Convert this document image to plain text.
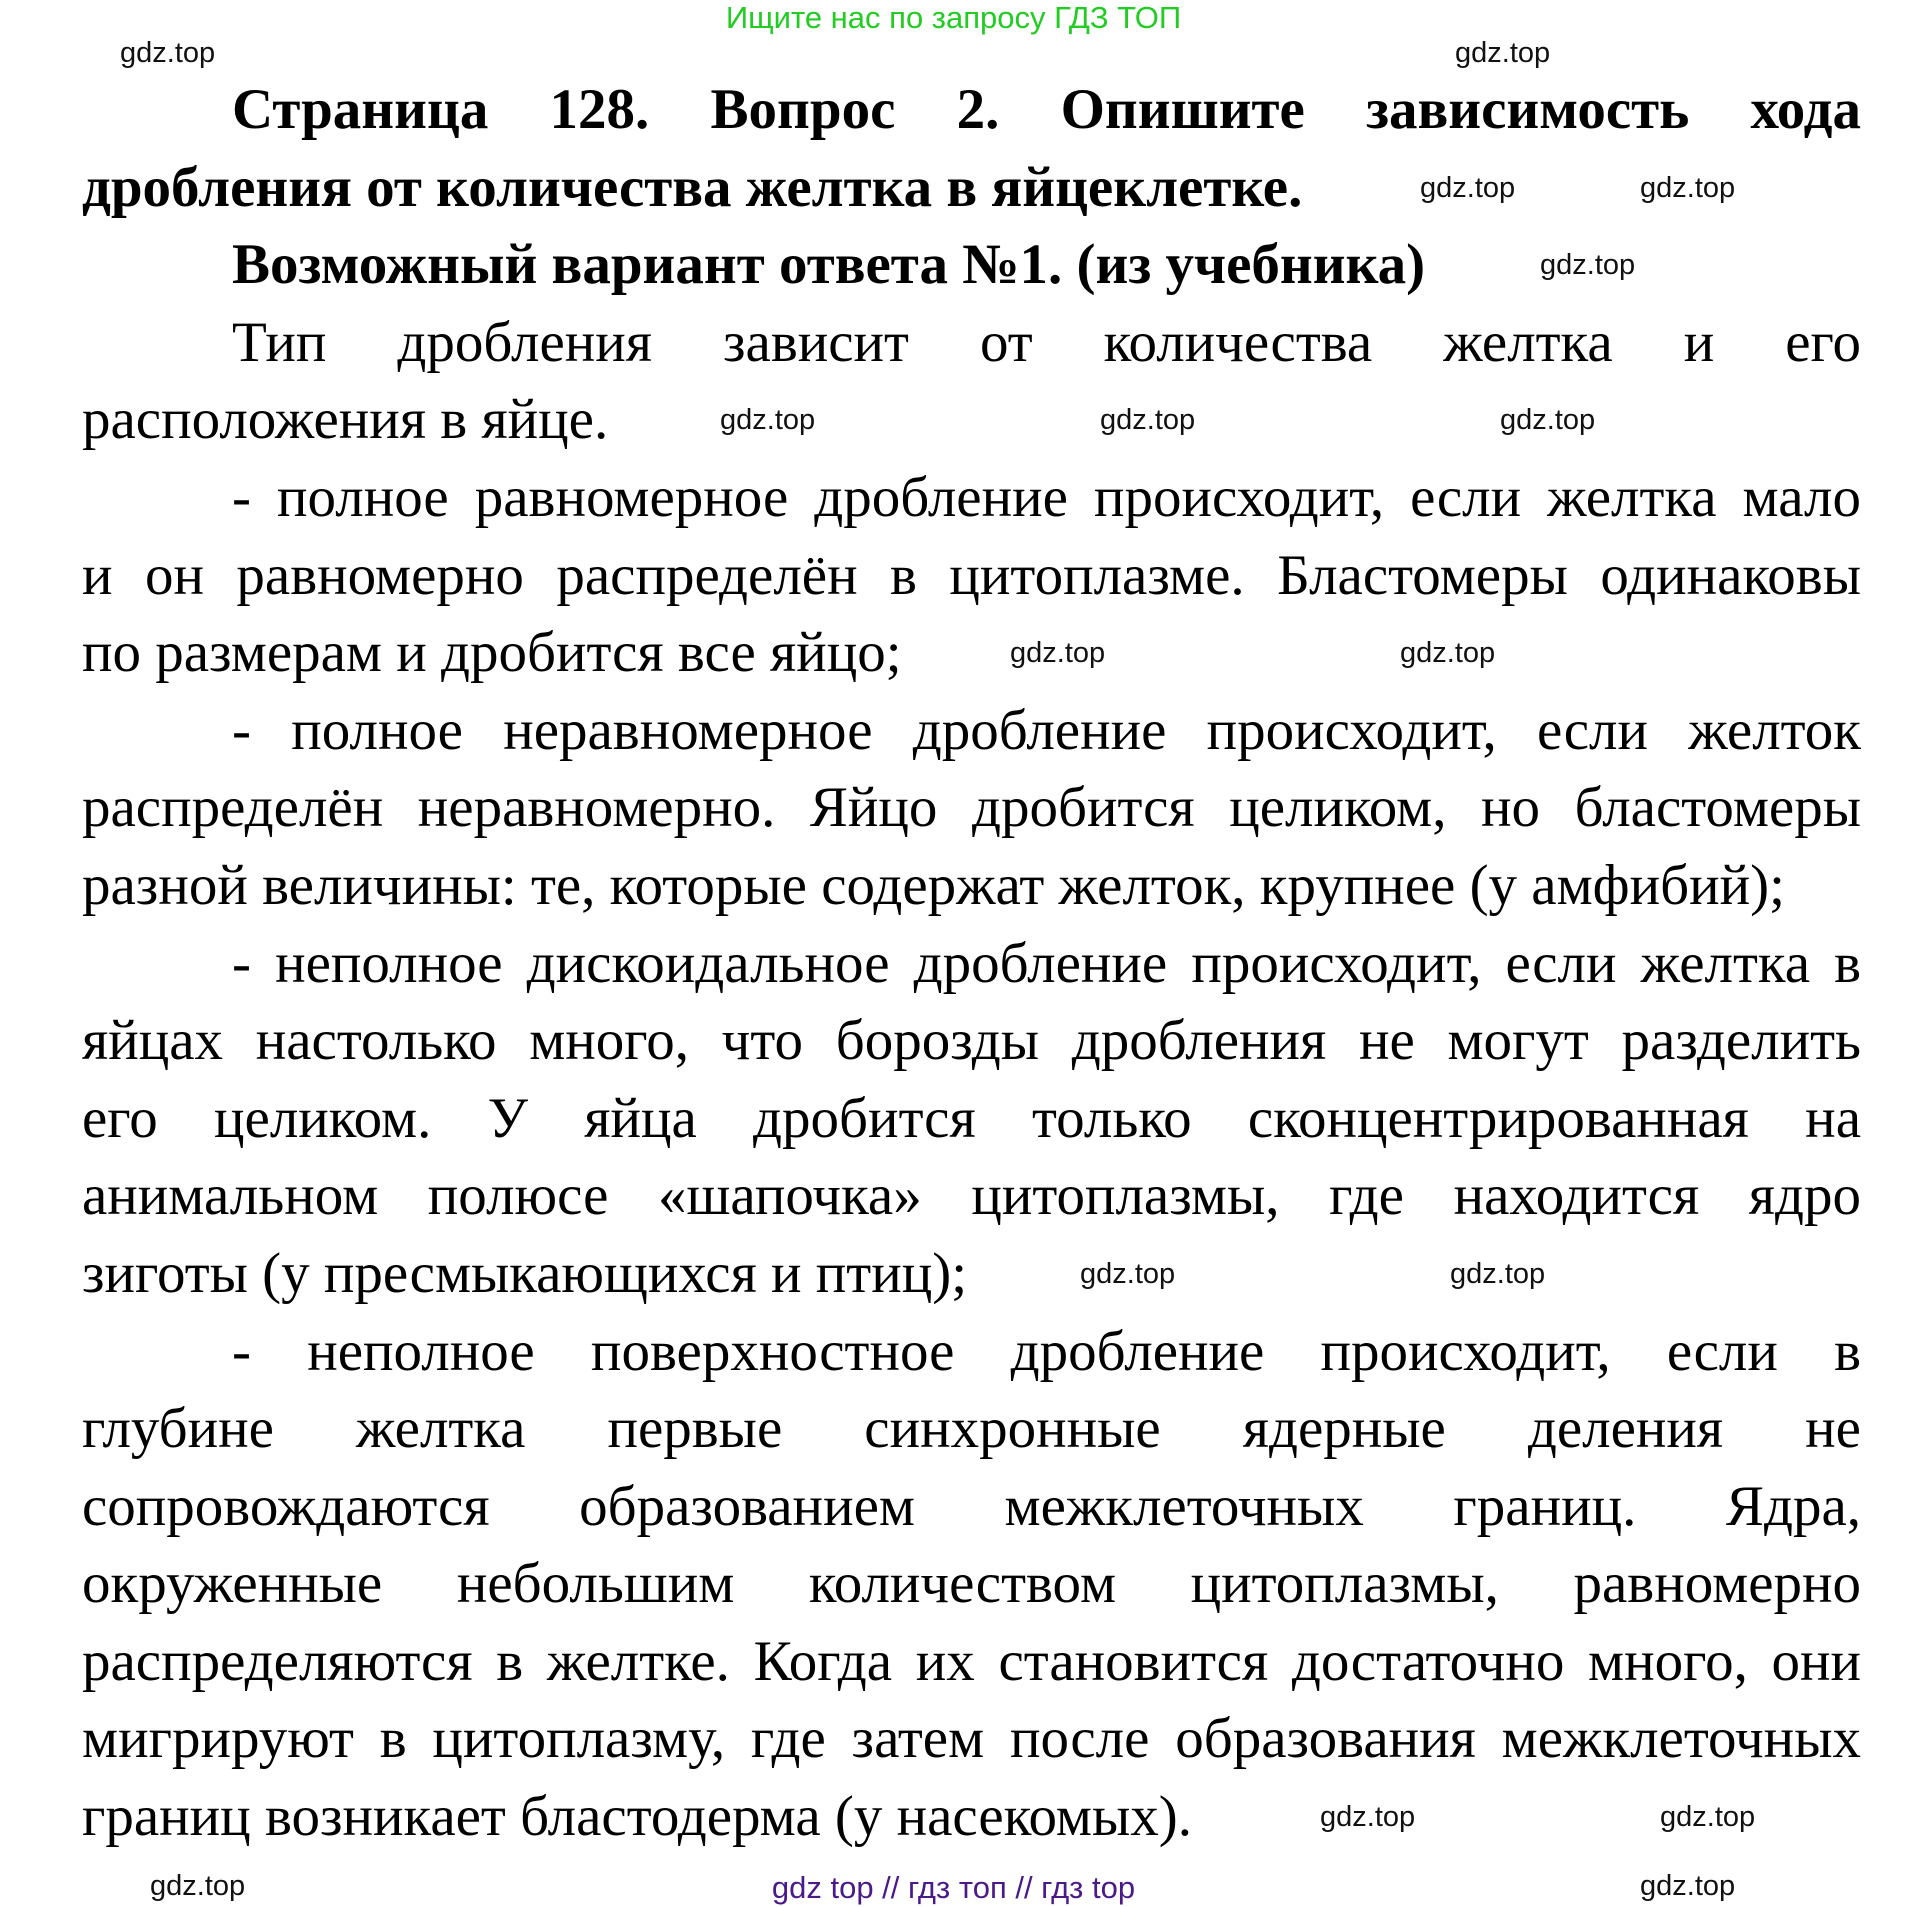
Ищите нас по запросу ГДЗ ТОП
Страница 128. Вопрос 2. Опишите зависимость хода
дробления от количества желтка в яйцеклетке.
Возможный вариант ответа №1. (из учебника)
Тип дробления зависит от количества желтка и его
расположения в яйце.
- полное равномерное дробление происходит, если желтка мало
и он равномерно распределён в цитоплазме. Бластомеры одинаковы
по размерам и дробится все яйцо;
- полное неравномерное дробление происходит, если желток
распределён неравномерно. Яйцо дробится целиком, но бластомеры
разной величины: те, которые содержат желток, крупнее (у амфибий);
- неполное дискоидальное дробление происходит, если желтка в
яйцах настолько много, что борозды дробления не могут разделить
его целиком. У яйца дробится только сконцентрированная на
анимальном полюсе «шапочка» цитоплазмы, где находится ядро
зиготы (у пресмыкающихся и птиц);
- неполное поверхностное дробление происходит, если в
глубине желтка первые синхронные ядерные деления не
сопровождаются образованием межклеточных границ. Ядра,
окруженные небольшим количеством цитоплазмы, равномерно
распределяются в желтке. Когда их становится достаточно много, они
мигрируют в цитоплазму, где затем после образования межклеточных
границ возникает бластодерма (у насекомых).
gdz.top
gdz.top
gdz.top	gdz.top
gdz.top
gdz.top	gdz.top	gdz.top
gdz.top	gdz.top
gdz.top	gdz.top
gdz.top	gdz.top
gdz.top	gdz.top
gdz top // гдз топ // гдз top
